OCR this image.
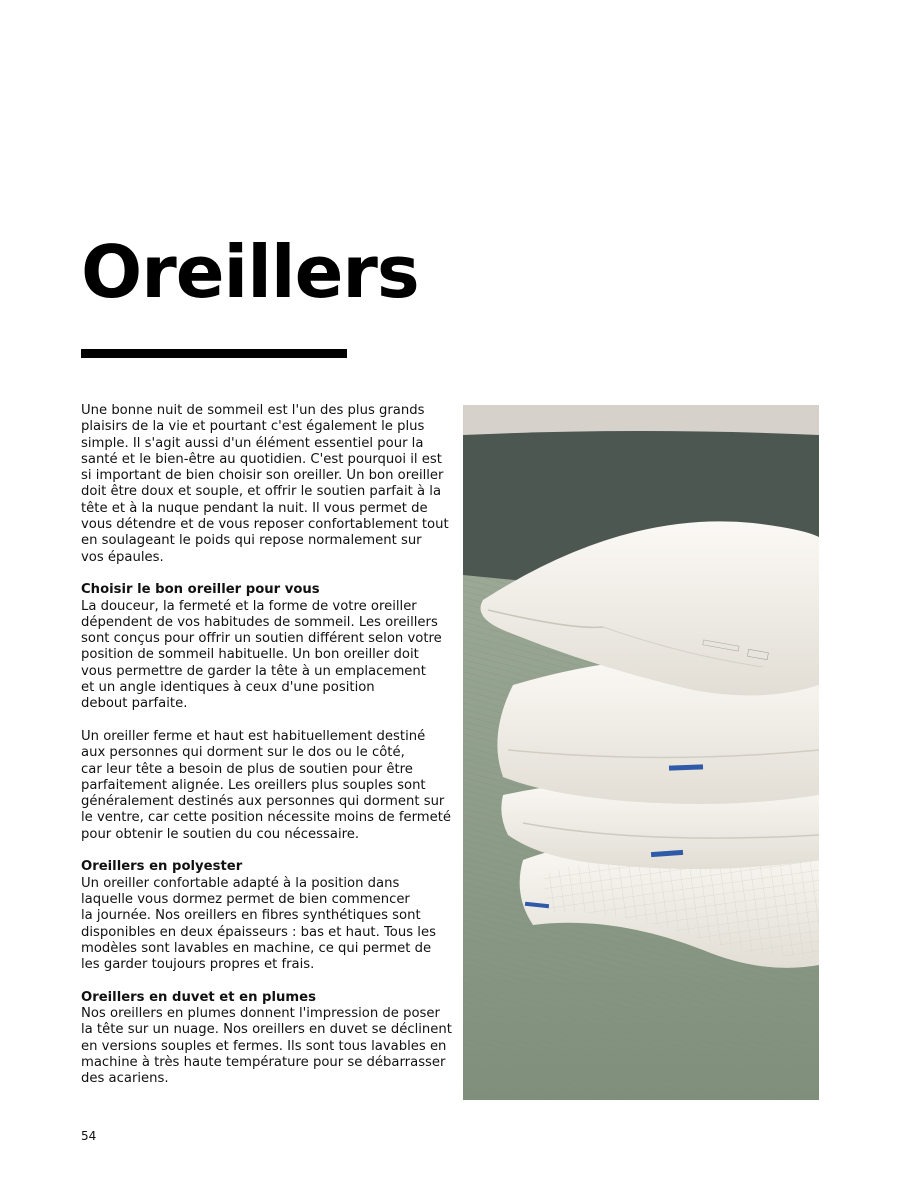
Oreillers

Une bonne nuit de sommeil est l'un des plus grands
plaisirs de la vie et pourtant c'est également le plus
simple. Il s'agit aussi d'un élément essentiel pour la
santé et le bien-être au quotidien. C'est pourquoi il est
si important de bien choisir son oreiller. Un bon oreiller
doit être doux et souple, et offrir le soutien parfait à la
tête et à la nuque pendant la nuit. Il vous permet de
vous détendre et de vous reposer confortablement tout
en soulageant le poids qui repose normalement sur
vos épaules.

Choisir le bon oreiller pour vous

La douceur, la fermeté et la forme de votre oreiller
dépendent de vos habitudes de sommeil. Les oreillers
sont conçus pour offrir un soutien différent selon votre
position de sommeil habituelle. Un bon oreiller doit
vous permettre de garder la tête à un emplacement
et un angle identiques à ceux d'une position
debout parfaite.

Un oreiller ferme et haut est habituellement destiné
aux personnes qui dorment sur le dos ou le côté,
car leur tête a besoin de plus de soutien pour être
parfaitement alignée. Les oreillers plus souples sont
généralement destinés aux personnes qui dorment sur
le ventre, car cette position nécessite moins de fermeté
pour obtenir le soutien du cou nécessaire.

Oreillers en polyester

Un oreiller confortable adapté à la position dans
laquelle vous dormez permet de bien commencer
la journée. Nos oreillers en fibres synthétiques sont
disponibles en deux épaisseurs : bas et haut. Tous les
modèles sont lavables en machine, ce qui permet de
les garder toujours propres et frais.

Oreillers en duvet et en plumes

Nos oreillers en plumes donnent l'impression de poser
la tête sur un nuage. Nos oreillers en duvet se déclinent
en versions souples et fermes. Ils sont tous lavables en
machine à très haute température pour se débarrasser
des acariens.

54
